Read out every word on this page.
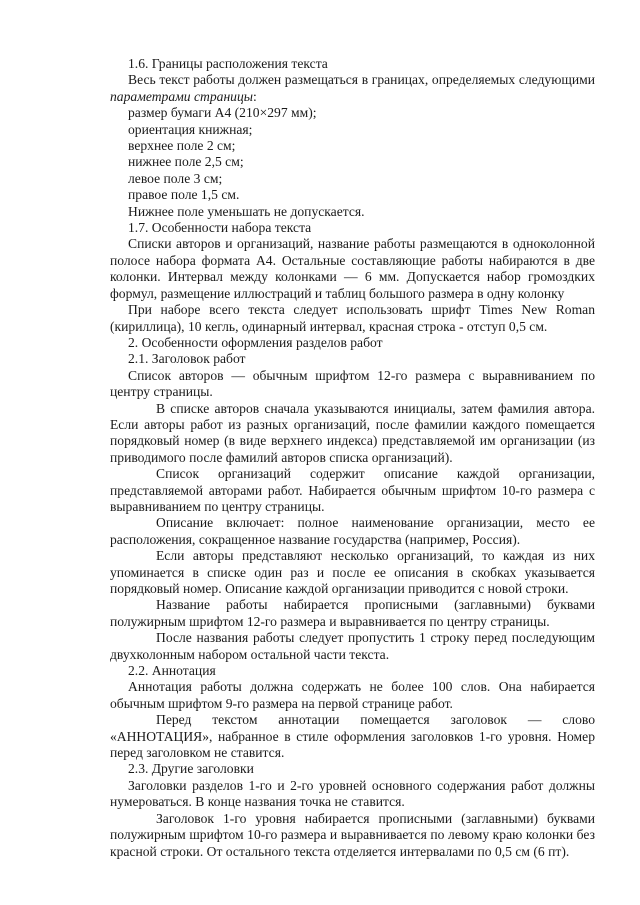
1.6. Границы расположения текста

Весь текст работы должен размещаться в границах, определяемых следующими параметрами страницы:

размер бумаги А4 (210×297 мм);

ориентация книжная;

верхнее поле 2 см;

нижнее поле 2,5 см;

левое поле 3 см;

правое поле 1,5 см.

Нижнее поле уменьшать не допускается.

1.7. Особенности набора текста

Списки авторов и организаций, название работы размещаются в одноколонной полосе набора формата А4. Остальные составляющие работы набираются в две колонки. Интервал между колонками — 6 мм. Допускается набор громоздких формул, размещение иллюстраций и таблиц большого размера в одну колонку

При наборе всего текста следует использовать шрифт Times New Roman (кириллица), 10 кегль, одинарный интервал, красная строка - отступ 0,5 см.

2. Особенности оформления разделов работ

2.1. Заголовок работ

Список авторов — обычным шрифтом 12-го размера с выравниванием по центру страницы.

В списке авторов сначала указываются инициалы, затем фамилия автора. Если авторы работ из разных организаций, после фамилии каждого помещается порядковый номер (в виде верхнего индекса) представляемой им организации (из приводимого после фамилий авторов списка организаций).

Список организаций содержит описание каждой организации, представляемой авторами работ. Набирается обычным шрифтом 10-го размера с выравниванием по центру страницы.

Описание включает: полное наименование организации, место ее расположения, сокращенное название государства (например, Россия).

Если авторы представляют несколько организаций, то каждая из них упоминается в списке один раз и после ее описания в скобках указывается порядковый номер. Описание каждой организации приводится с новой строки.

Название работы набирается прописными (заглавными) буквами полужирным шрифтом 12-го размера и выравнивается по центру страницы.

После названия работы следует пропустить 1 строку перед последующим двухколонным набором остальной части текста.

2.2. Аннотация

Аннотация работы должна содержать не более 100 слов. Она набирается обычным шрифтом 9-го размера на первой странице работ.

Перед текстом аннотации помещается заголовок — слово «АННОТАЦИЯ», набранное в стиле оформления заголовков 1-го уровня. Номер перед заголовком не ставится.

2.3. Другие заголовки

Заголовки разделов 1-го и 2-го уровней основного содержания работ должны нумероваться. В конце названия точка не ставится.

Заголовок 1-го уровня набирается прописными (заглавными) буквами полужирным шрифтом 10-го размера и выравнивается по левому краю колонки без красной строки. От остального текста отделяется интервалами по 0,5 см (6 пт).
